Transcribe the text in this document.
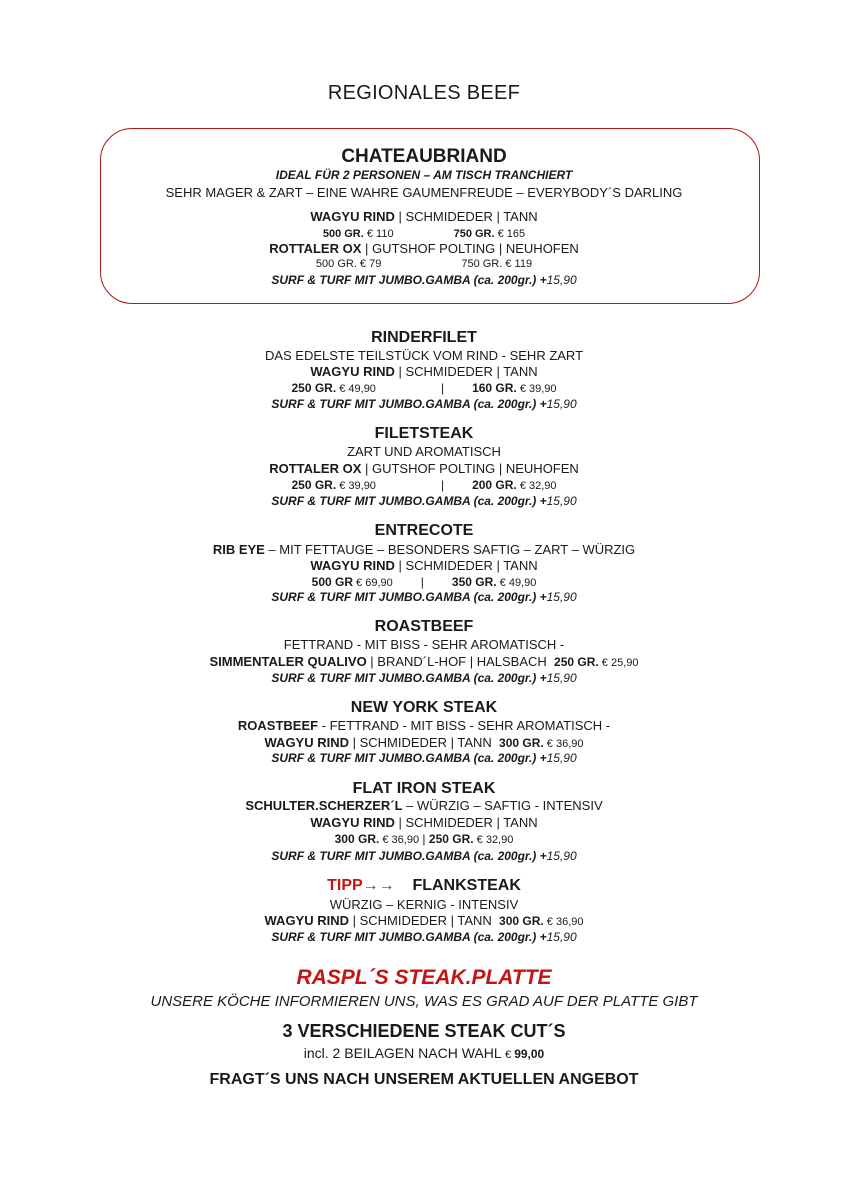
REGIONALES BEEF
CHATEAUBRIAND
IDEAL FÜR 2 PERSONEN – AM TISCH TRANCHIERT
SEHR MAGER & ZART – EINE WAHRE GAUMENFREUDE – EVERYBODY´S DARLING
WAGYU RIND | SCHMIDEDER | TANN
500 GR. € 110	750 GR. € 165
ROTTALER OX | GUTSHOF POLTING | NEUHOFEN
500 GR. € 79	750 GR. € 119
SURF & TURF MIT JUMBO.GAMBA (ca. 200gr.) +15,90
RINDERFILET
DAS EDELSTE TEILSTÜCK VOM RIND - SEHR ZART
WAGYU RIND | SCHMIDEDER | TANN
250 GR. € 49,90	| 160 GR. € 39,90
SURF & TURF MIT JUMBO.GAMBA (ca. 200gr.) +15,90
FILETSTEAK
ZART UND AROMATISCH
ROTTALER OX | GUTSHOF POLTING | NEUHOFEN
250 GR. € 39,90	| 200 GR. € 32,90
SURF & TURF MIT JUMBO.GAMBA (ca. 200gr.) +15,90
ENTRECOTE
RIB EYE – MIT FETTAUGE – BESONDERS SAFTIG – ZART – WÜRZIG
WAGYU RIND | SCHMIDEDER | TANN
500 GR € 69,90 | 350 GR. € 49,90
SURF & TURF MIT JUMBO.GAMBA (ca. 200gr.) +15,90
ROASTBEEF
FETTRAND - MIT BISS - SEHR AROMATISCH -
SIMMENTALER QUALIVO | BRAND´L-HOF | HALSBACH 250 GR. € 25,90
SURF & TURF MIT JUMBO.GAMBA (ca. 200gr.) +15,90
NEW YORK STEAK
ROASTBEEF - FETTRAND - MIT BISS - SEHR AROMATISCH -
WAGYU RIND | SCHMIDEDER | TANN 300 GR. € 36,90
SURF & TURF MIT JUMBO.GAMBA (ca. 200gr.) +15,90
FLAT IRON STEAK
SCHULTER.SCHERZER´L – WÜRZIG – SAFTIG - INTENSIV
WAGYU RIND | SCHMIDEDER | TANN
300 GR. € 36,90 | 250 GR. € 32,90
SURF & TURF MIT JUMBO.GAMBA (ca. 200gr.) +15,90
TIPP→→ FLANKSTEAK
WÜRZIG – KERNIG - INTENSIV
WAGYU RIND | SCHMIDEDER | TANN 300 GR. € 36,90
SURF & TURF MIT JUMBO.GAMBA (ca. 200gr.) +15,90
RASPL´S STEAK.PLATTE
UNSERE KÖCHE INFORMIEREN UNS, WAS ES GRAD AUF DER PLATTE GIBT
3 VERSCHIEDENE STEAK CUT´S
incl. 2 BEILAGEN NACH WAHL € 99,00
FRAGT´S UNS NACH UNSEREM AKTUELLEN ANGEBOT
